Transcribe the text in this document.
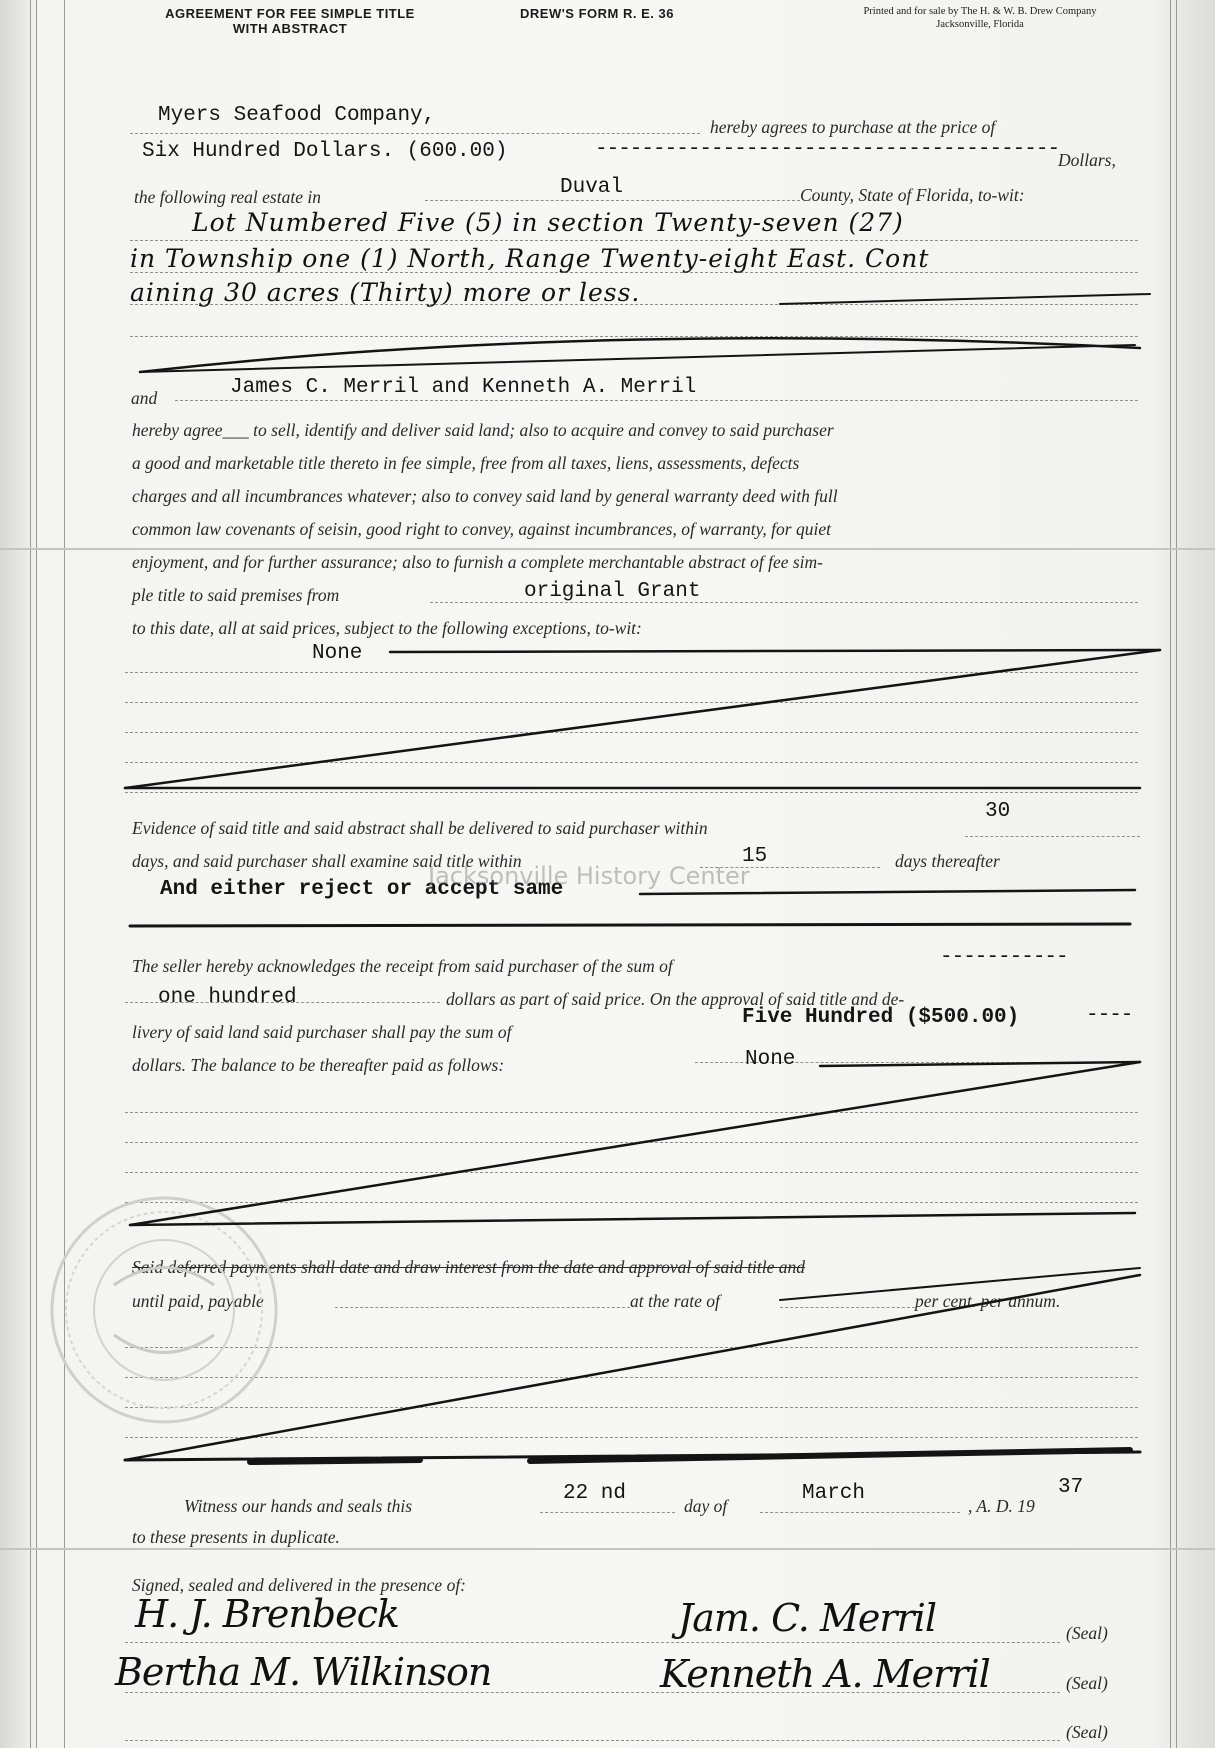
AGREEMENT FOR FEE SIMPLE TITLE
WITH ABSTRACT
DREW'S FORM R. E. 36	Printed and for sale by The H. & W. B. Drew Company
Jacksonville, Florida
Myers Seafood Company,	hereby agrees to purchase at the price of
Six Hundred Dollars. (600.00)	----------------------------------------
Dollars,
the following real estate in	Duval	County, State of Florida, to-wit:
Lot Numbered Five (5) in section Twenty-seven (27)
in Township one (1) North, Range Twenty-eight East. Cont
aining 30 acres (Thirty) more or less.
and	James C. Merril and Kenneth A. Merril
hereby agree___ to sell, identify and deliver said land; also to acquire and convey to said purchaser
a good and marketable title thereto in fee simple, free from all taxes, liens, assessments, defects
charges and all incumbrances whatever; also to convey said land by general warranty deed with full
common law covenants of seisin, good right to convey, against incumbrances, of warranty, for quiet
enjoyment, and for further assurance; also to furnish a complete merchantable abstract of fee sim-
ple title to said premises from	original Grant
to this date, all at said prices, subject to the following exceptions, to-wit:
None
Evidence of said title and said abstract shall be delivered to said purchaser within
30
days, and said purchaser shall examine said title within	15	days thereafter
And either reject or accept same
Jacksonville History Center
The seller hereby acknowledges the receipt from said purchaser of the sum of	-----------
one hundred	dollars as part of said price. On the approval of said title and de-
livery of said land said purchaser shall pay the sum of
Five Hundred ($500.00)	----
dollars. The balance to be thereafter paid as follows:	None
Said deferred payments shall date and draw interest from the date and approval of said title and
until paid, payable	at the rate of	per cent. per annum.
Witness our hands and seals this
22 nd
day of
March
, A. D. 19
37
to these presents in duplicate.
Signed, sealed and delivered in the presence of:
H. J. Brenbeck
Bertha M. Wilkinson
Jam. C. Merril
Kenneth A. Merril
(Seal)
(Seal)
(Seal)
